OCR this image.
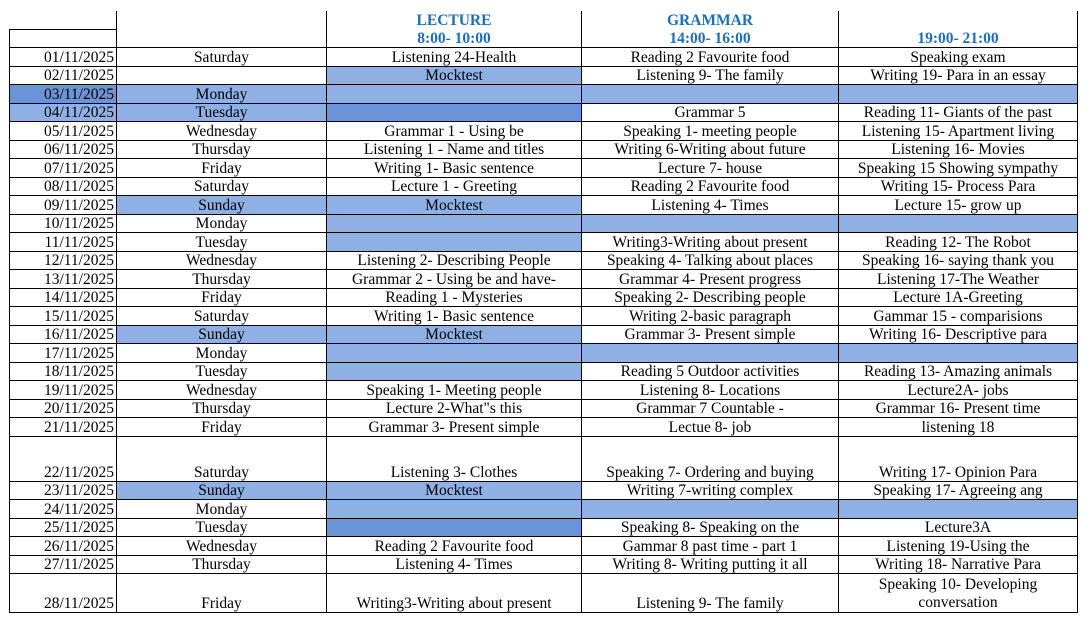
		LECTURE	GRAMMAR	
		8:00- 10:00	14:00- 16:00	19:00- 21:00
01/11/2025	Saturday	Listening 24-Health	Reading 2 Favourite food	Speaking exam
02/11/2025		Mocktest	Listening 9- The family	Writing 19- Para in an essay
03/11/2025	Monday			
04/11/2025	Tuesday		Grammar 5	Reading 11- Giants of the past
05/11/2025	Wednesday	Grammar 1 - Using be	Speaking 1- meeting people	Listening 15- Apartment living
06/11/2025	Thursday	Listening 1 - Name and titles	Writing 6-Writing about future	Listening 16- Movies
07/11/2025	Friday	Writing 1- Basic sentence	Lecture 7- house	Speaking 15 Showing sympathy
08/11/2025	Saturday	Lecture 1 - Greeting	Reading 2 Favourite food	Writing 15- Process Para
09/11/2025	Sunday	Mocktest	Listening 4- Times	Lecture 15- grow up
10/11/2025	Monday			
11/11/2025	Tuesday		Writing3-Writing about present	Reading 12- The Robot
12/11/2025	Wednesday	Listening 2- Describing People	Speaking 4- Talking about places	Speaking 16- saying thank you
13/11/2025	Thursday	Grammar 2 - Using be and have-	Grammar 4- Present progress	Listening 17-The Weather
14/11/2025	Friday	Reading 1 - Mysteries	Speaking 2- Describing people	Lecture 1A-Greeting
15/11/2025	Saturday	Writing 1- Basic sentence	Writing 2-basic paragraph	Gammar 15 - comparisions
16/11/2025	Sunday	Mocktest	Grammar 3- Present simple	Writing 16- Descriptive para
17/11/2025	Monday			
18/11/2025	Tuesday		Reading 5 Outdoor activities	Reading 13- Amazing animals
19/11/2025	Wednesday	Speaking 1- Meeting people	Listening 8- Locations	Lecture2A- jobs
20/11/2025	Thursday	Lecture 2-What"s this	Grammar 7 Countable -	Grammar 16- Present time
21/11/2025	Friday	Grammar 3- Present simple	Lectue 8- job	listening 18
22/11/2025	Saturday	Listening 3- Clothes	Speaking 7- Ordering and buying	Writing 17- Opinion Para
23/11/2025	Sunday	Mocktest	Writing 7-writing complex	Speaking 17- Agreeing ang
24/11/2025	Monday			
25/11/2025	Tuesday		Speaking 8- Speaking on the	Lecture3A
26/11/2025	Wednesday	Reading 2 Favourite food	Gammar 8 past time - part 1	Listening 19-Using the
27/11/2025	Thursday	Listening 4- Times	Writing 8- Writing putting it all	Writing 18- Narrative Para
28/11/2025	Friday	Writing3-Writing about present	Listening 9- The family	Speaking 10- Developing conversation
